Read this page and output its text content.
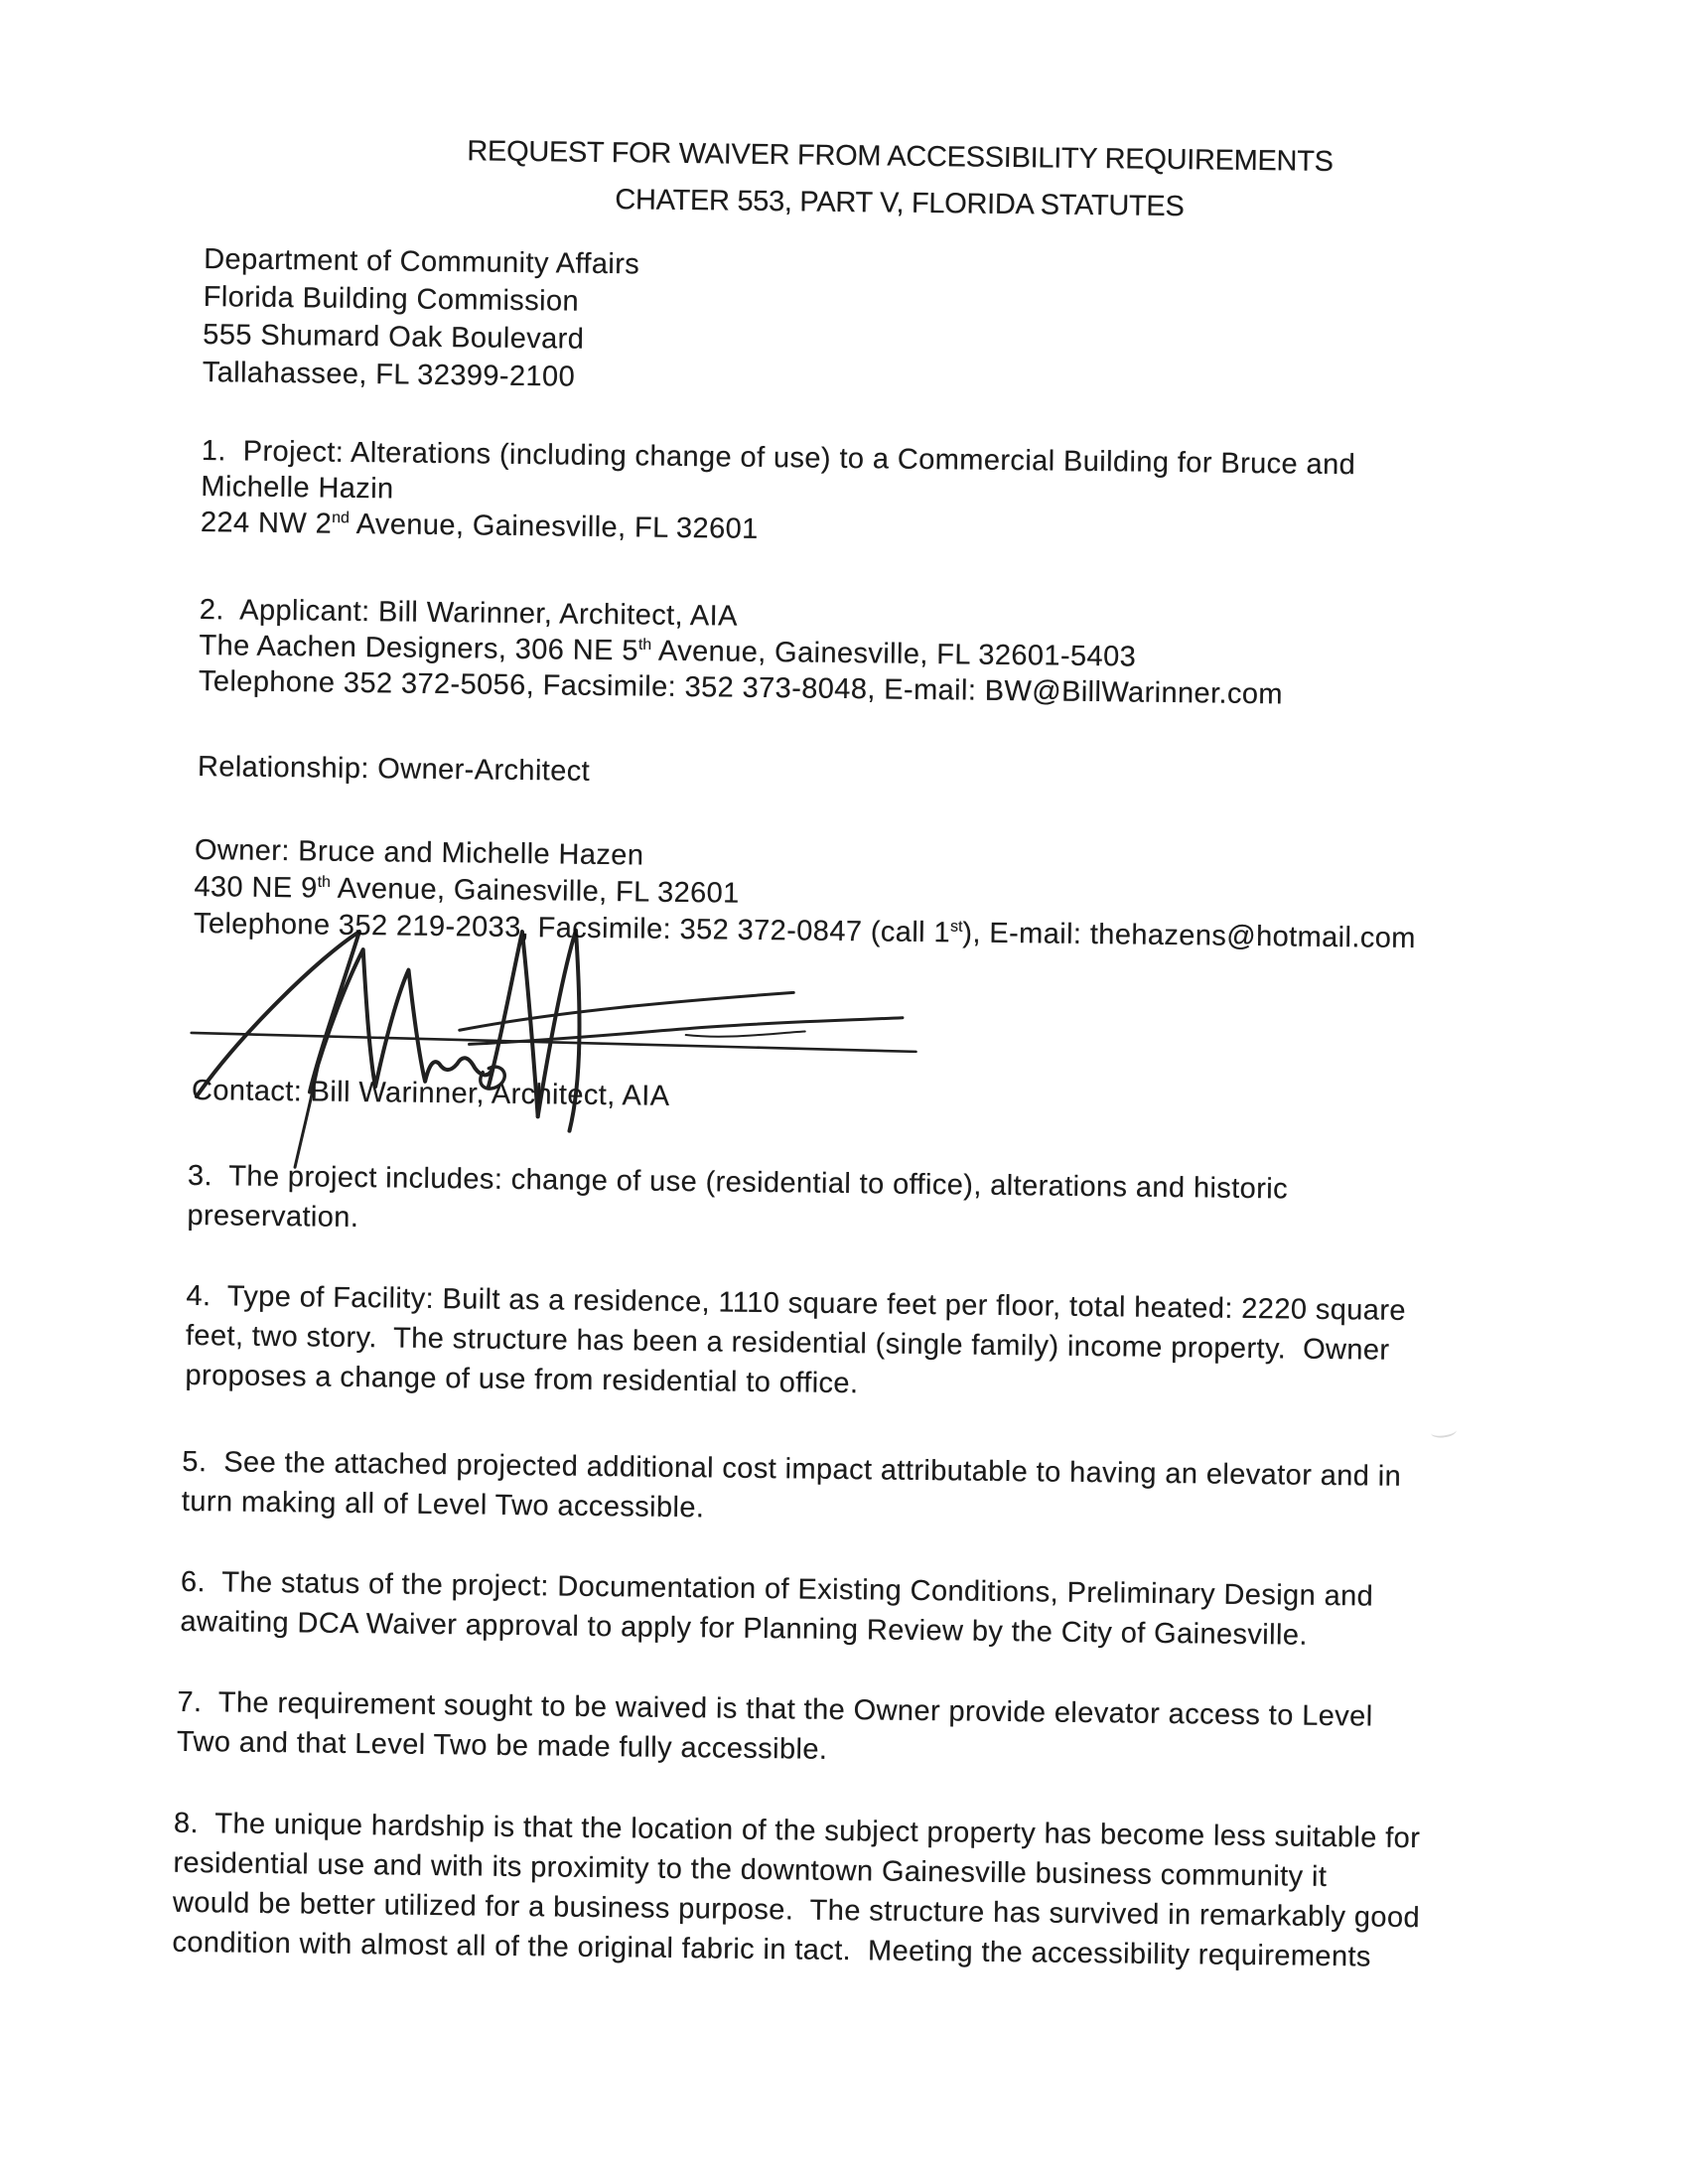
REQUEST FOR WAIVER FROM ACCESSIBILITY REQUIREMENTS
CHATER 553, PART V, FLORIDA STATUTES
Department of Community Affairs
Florida Building Commission
555 Shumard Oak Boulevard
Tallahassee, FL 32399-2100
1.  Project: Alterations (including change of use) to a Commercial Building for Bruce and
Michelle Hazin
224 NW 2nd Avenue, Gainesville, FL 32601
2.  Applicant: Bill Warinner, Architect, AIA
The Aachen Designers, 306 NE 5th Avenue, Gainesville, FL 32601-5403
Telephone 352 372-5056, Facsimile: 352 373-8048, E-mail: BW@BillWarinner.com
Relationship: Owner-Architect
Owner: Bruce and Michelle Hazen
430 NE 9th Avenue, Gainesville, FL 32601
Telephone 352 219-2033, Facsimile: 352 372-0847 (call 1st), E-mail: thehazens@hotmail.com
Contact: Bill Warinner, Architect, AIA
3.  The project includes: change of use (residential to office), alterations and historic
preservation.
4.  Type of Facility: Built as a residence, 1110 square feet per floor, total heated: 2220 square
feet, two story.  The structure has been a residential (single family) income property.  Owner
proposes a change of use from residential to office.
5.  See the attached projected additional cost impact attributable to having an elevator and in
turn making all of Level Two accessible.
6.  The status of the project: Documentation of Existing Conditions, Preliminary Design and
awaiting DCA Waiver approval to apply for Planning Review by the City of Gainesville.
7.  The requirement sought to be waived is that the Owner provide elevator access to Level
Two and that Level Two be made fully accessible.
8.  The unique hardship is that the location of the subject property has become less suitable for
residential use and with its proximity to the downtown Gainesville business community it
would be better utilized for a business purpose.  The structure has survived in remarkably good
condition with almost all of the original fabric in tact.  Meeting the accessibility requirements
